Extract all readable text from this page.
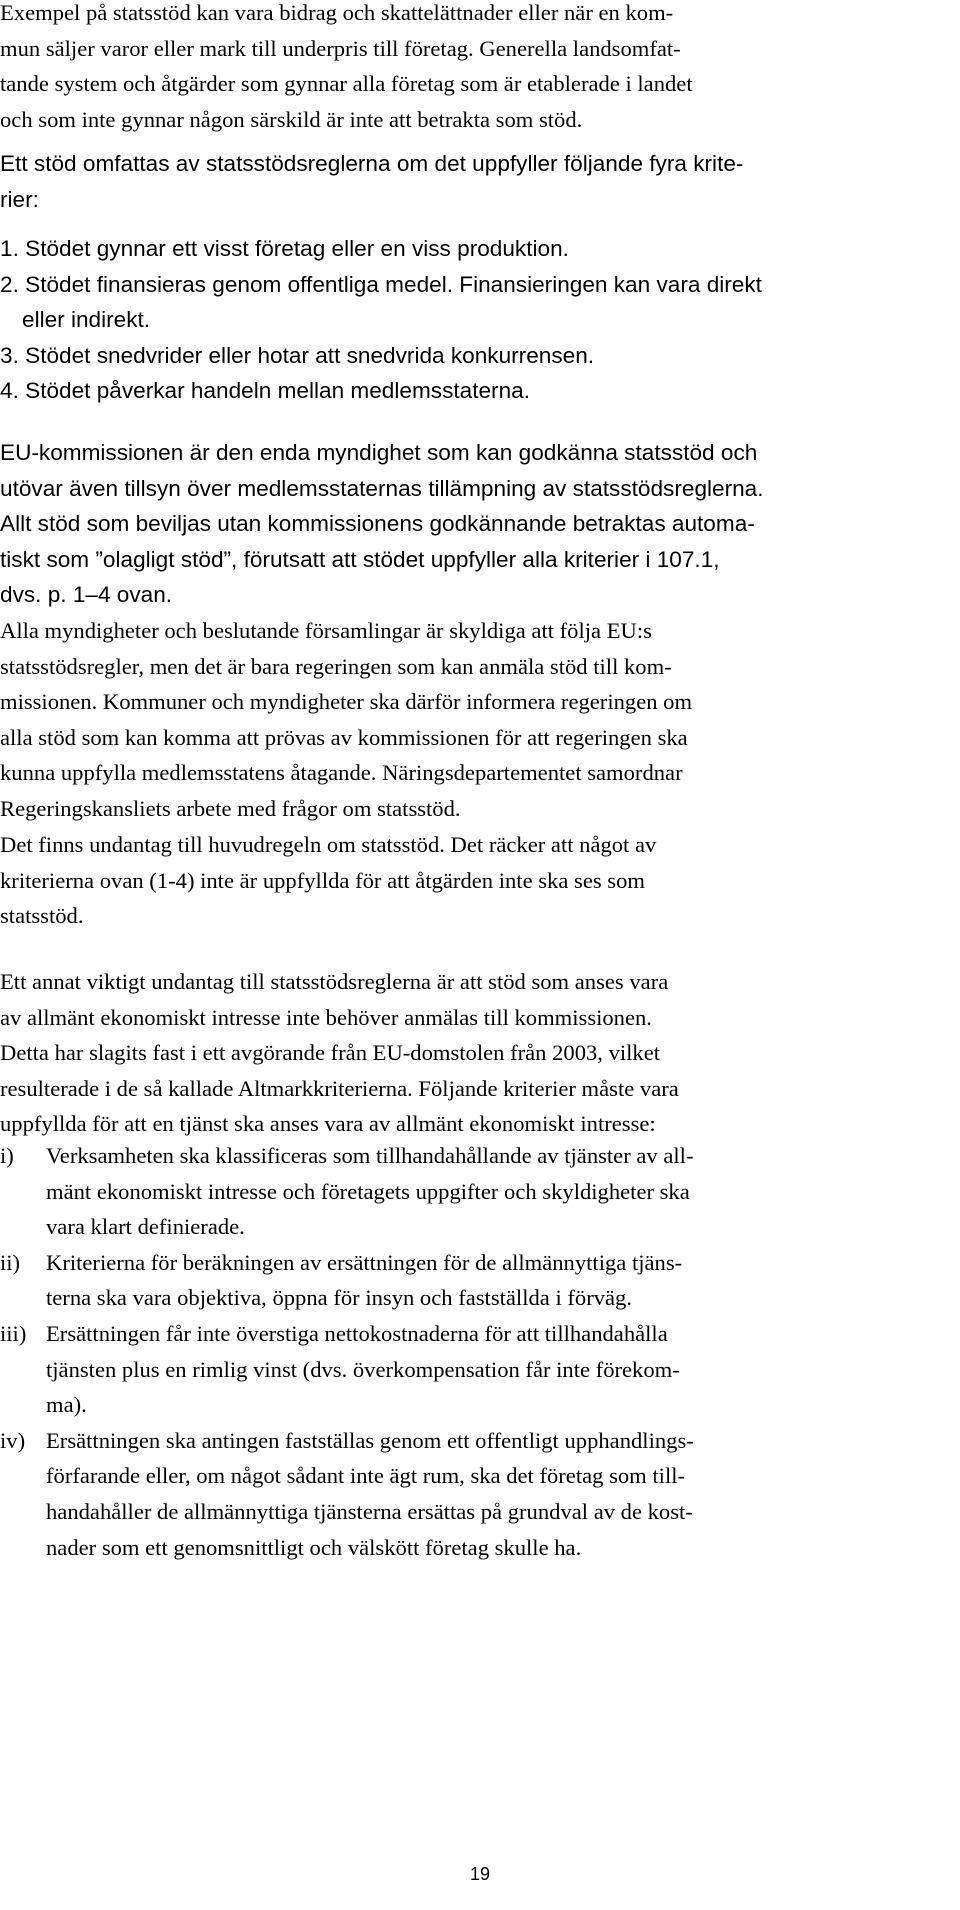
Exempel på statsstöd kan vara bidrag och skattelättnader eller när en kom-
mun säljer varor eller mark till underpris till företag. Generella landsomfat-
tande system och åtgärder som gynnar alla företag som är etablerade i landet
och som inte gynnar någon särskild är inte att betrakta som stöd.
Ett stöd omfattas av statsstödsreglerna om det uppfyller följande fyra krite-
rier:
1. Stödet gynnar ett visst företag eller en viss produktion.
2. Stödet finansieras genom offentliga medel. Finansieringen kan vara direkt
eller indirekt.
3. Stödet snedvrider eller hotar att snedvrida konkurrensen.
4. Stödet påverkar handeln mellan medlemsstaterna.
EU-kommissionen är den enda myndighet som kan godkänna statsstöd och
utövar även tillsyn över medlemsstaternas tillämpning av statsstödsreglerna.
Allt stöd som beviljas utan kommissionens godkännande betraktas automa-
tiskt som ”olagligt stöd”, förutsatt att stödet uppfyller alla kriterier i 107.1,
dvs. p. 1–4 ovan.
Alla myndigheter och beslutande församlingar är skyldiga att följa EU:s
statsstödsregler, men det är bara regeringen som kan anmäla stöd till kom-
missionen. Kommuner och myndigheter ska därför informera regeringen om
alla stöd som kan komma att prövas av kommissionen för att regeringen ska
kunna uppfylla medlemsstatens åtagande. Näringsdepartementet samordnar
Regeringskansliets arbete med frågor om statsstöd.
Det finns undantag till huvudregeln om statsstöd. Det räcker att något av
kriterierna ovan (1-4) inte är uppfyllda för att åtgärden inte ska ses som
statsstöd.
Ett annat viktigt undantag till statsstödsreglerna är att stöd som anses vara
av allmänt ekonomiskt intresse inte behöver anmälas till kommissionen.
Detta har slagits fast i ett avgörande från EU-domstolen från 2003, vilket
resulterade i de så kallade Altmarkkriterierna. Följande kriterier måste vara
uppfyllda för att en tjänst ska anses vara av allmänt ekonomiskt intresse:
i) Verksamheten ska klassificeras som tillhandahållande av tjänster av all-
mänt ekonomiskt intresse och företagets uppgifter och skyldigheter ska
vara klart definierade.
ii) Kriterierna för beräkningen av ersättningen för de allmännyttiga tjäns-
terna ska vara objektiva, öppna för insyn och fastställda i förväg.
iii) Ersättningen får inte överstiga nettokostnaderna för att tillhandahålla
tjänsten plus en rimlig vinst (dvs. överkompensation får inte förekom-
ma).
iv) Ersättningen ska antingen fastställas genom ett offentligt upphandlings-
förfarande eller, om något sådant inte ägt rum, ska det företag som till-
handahåller de allmännyttiga tjänsterna ersättas på grundval av de kost-
nader som ett genomsnittligt och välskött företag skulle ha.
19
